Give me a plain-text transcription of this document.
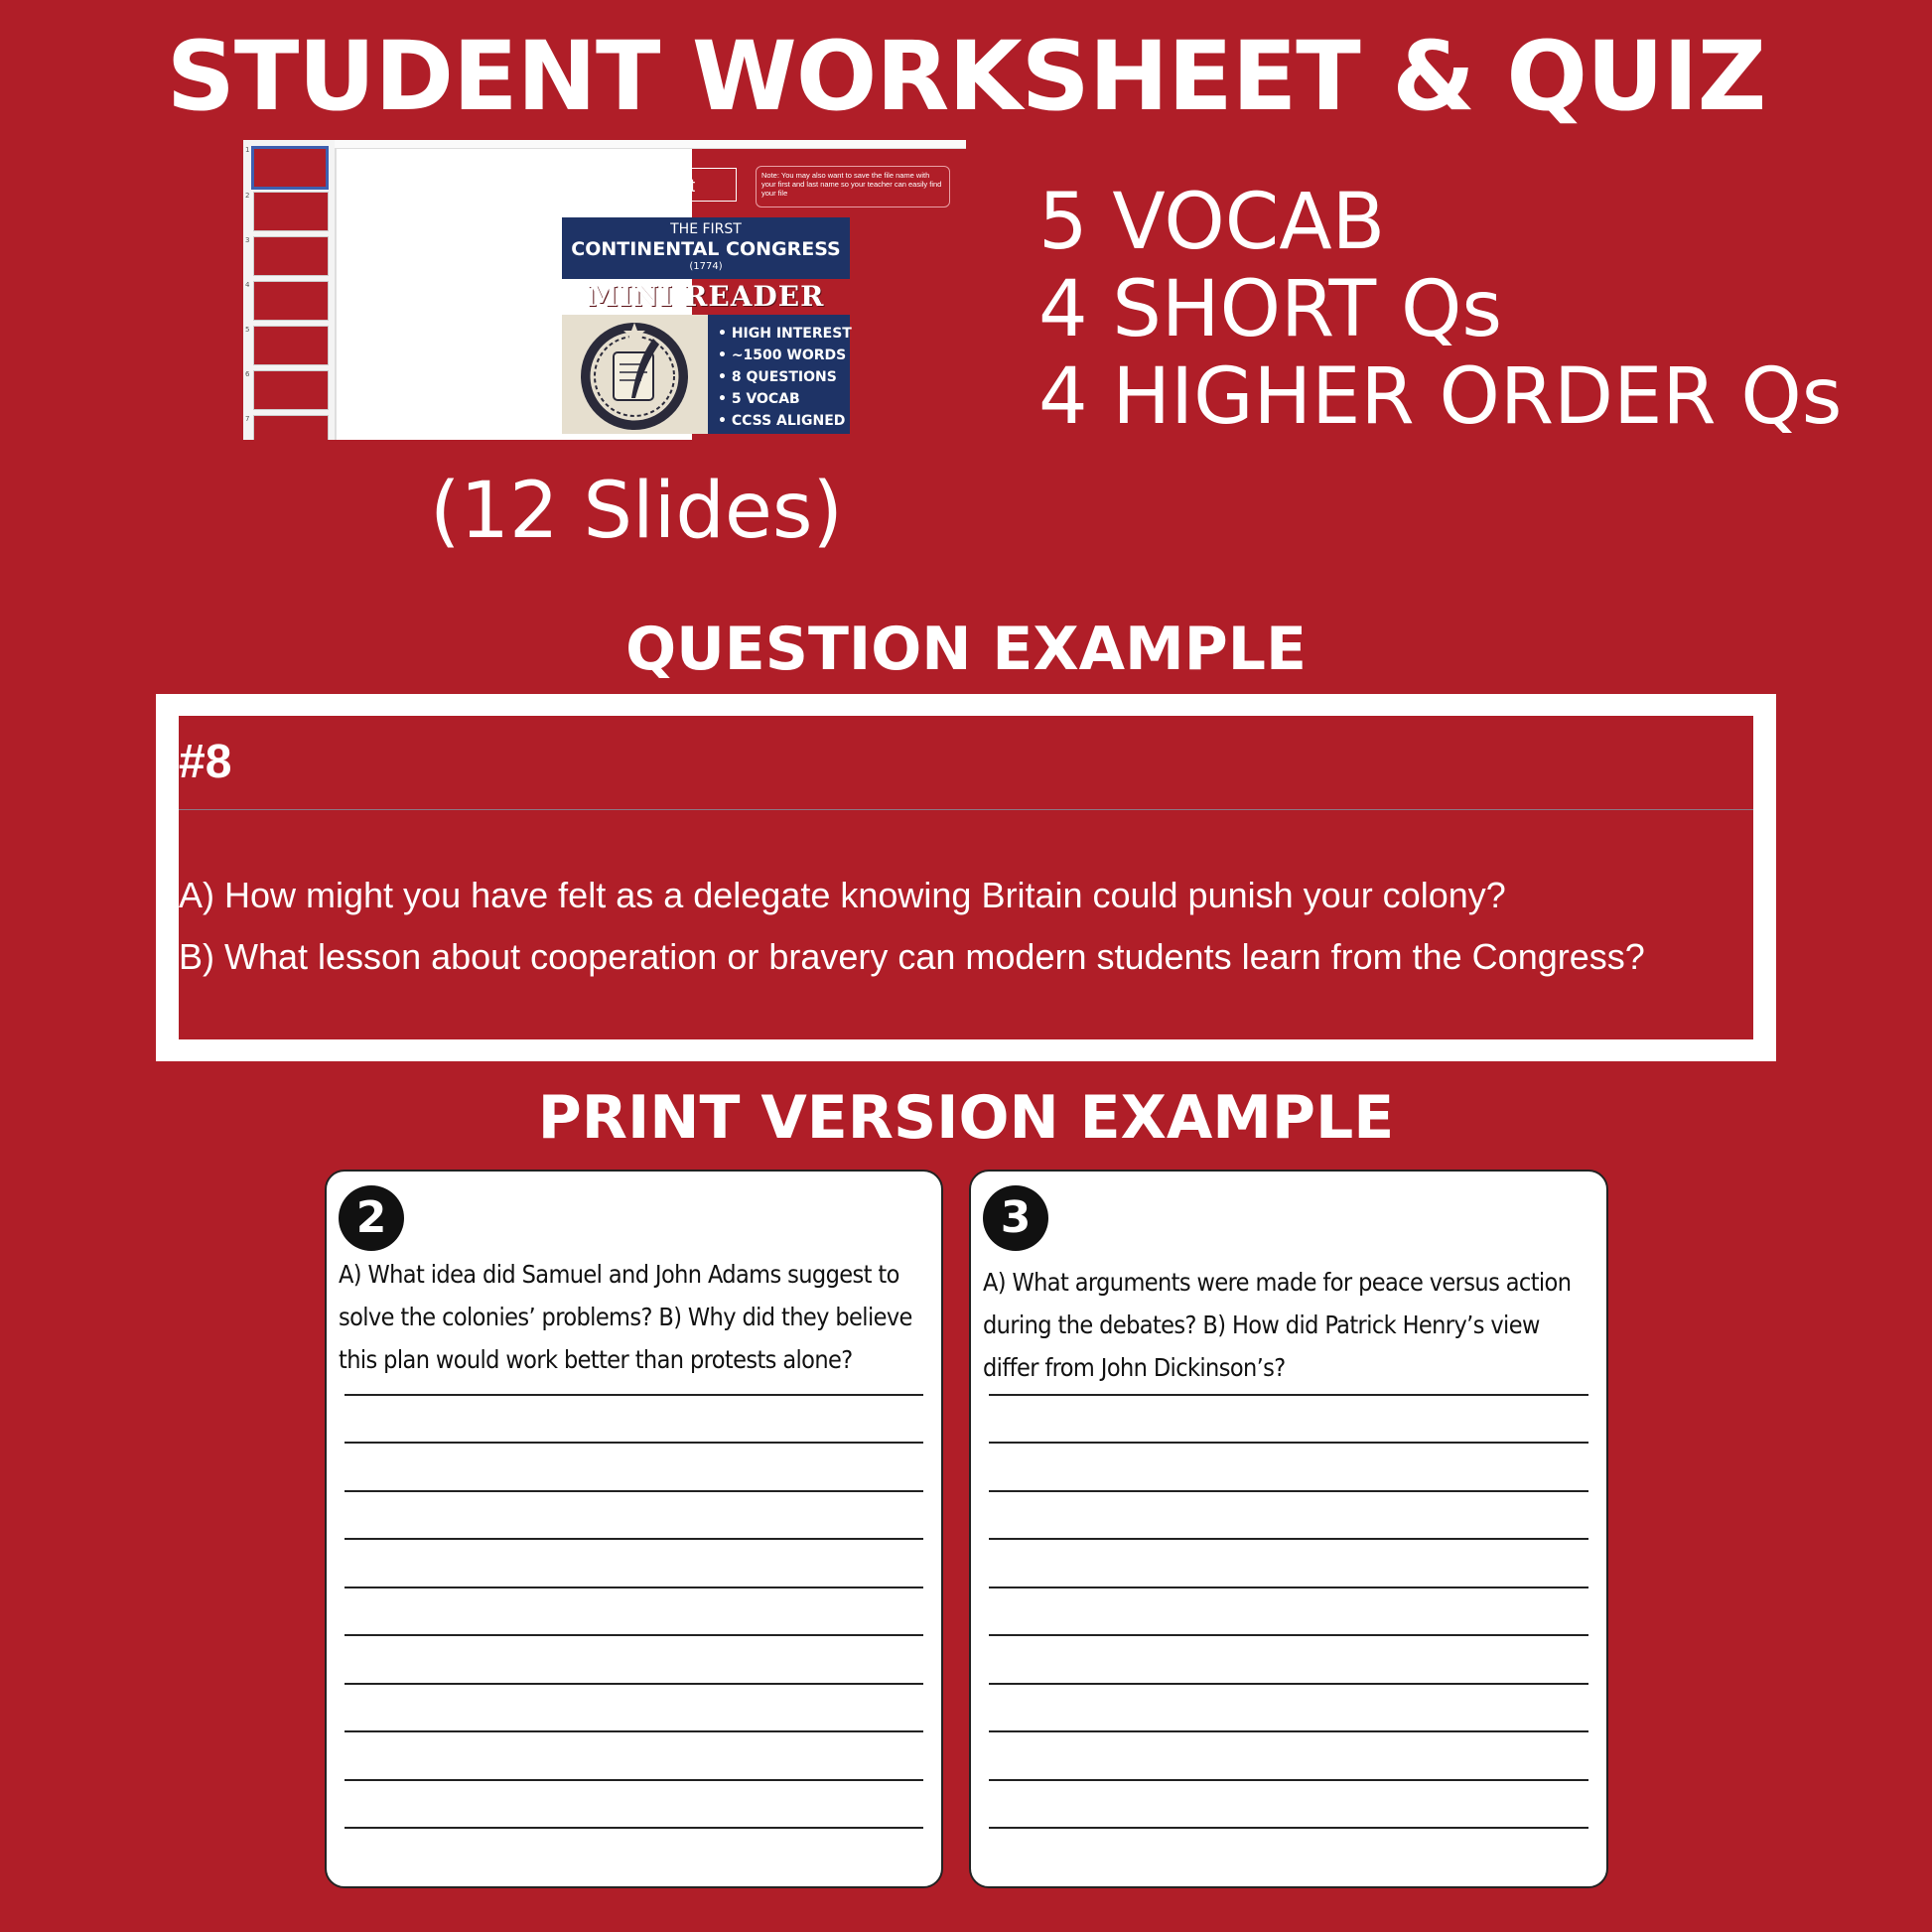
STUDENT WORKSHEET & QUIZ
1
2
3
4
5
6
7
Name: Click here to add text
Note: You may also want to save the file name with your first and last name so your teacher can easily find your file
THE FIRST
CONTINENTAL CONGRESS
(1774)
MINI READER
• HIGH INTEREST
• ~1500 WORDS
• 8 QUESTIONS
• 5 VOCAB
• CCSS ALIGNED
5 VOCAB
4 SHORT Qs
4 HIGHER ORDER Qs
(12 Slides)
QUESTION EXAMPLE
#8
A) How might you have felt as a delegate knowing Britain could punish your colony?
B) What lesson about cooperation or bravery can modern students learn from the Congress?
PRINT VERSION EXAMPLE
2
A) What idea did Samuel and John Adams suggest to solve the colonies’ problems? B) Why did they believe this plan would work better than protests alone?
3
A) What arguments were made for peace versus action during the debates? B) How did Patrick Henry’s view differ from John Dickinson’s?
